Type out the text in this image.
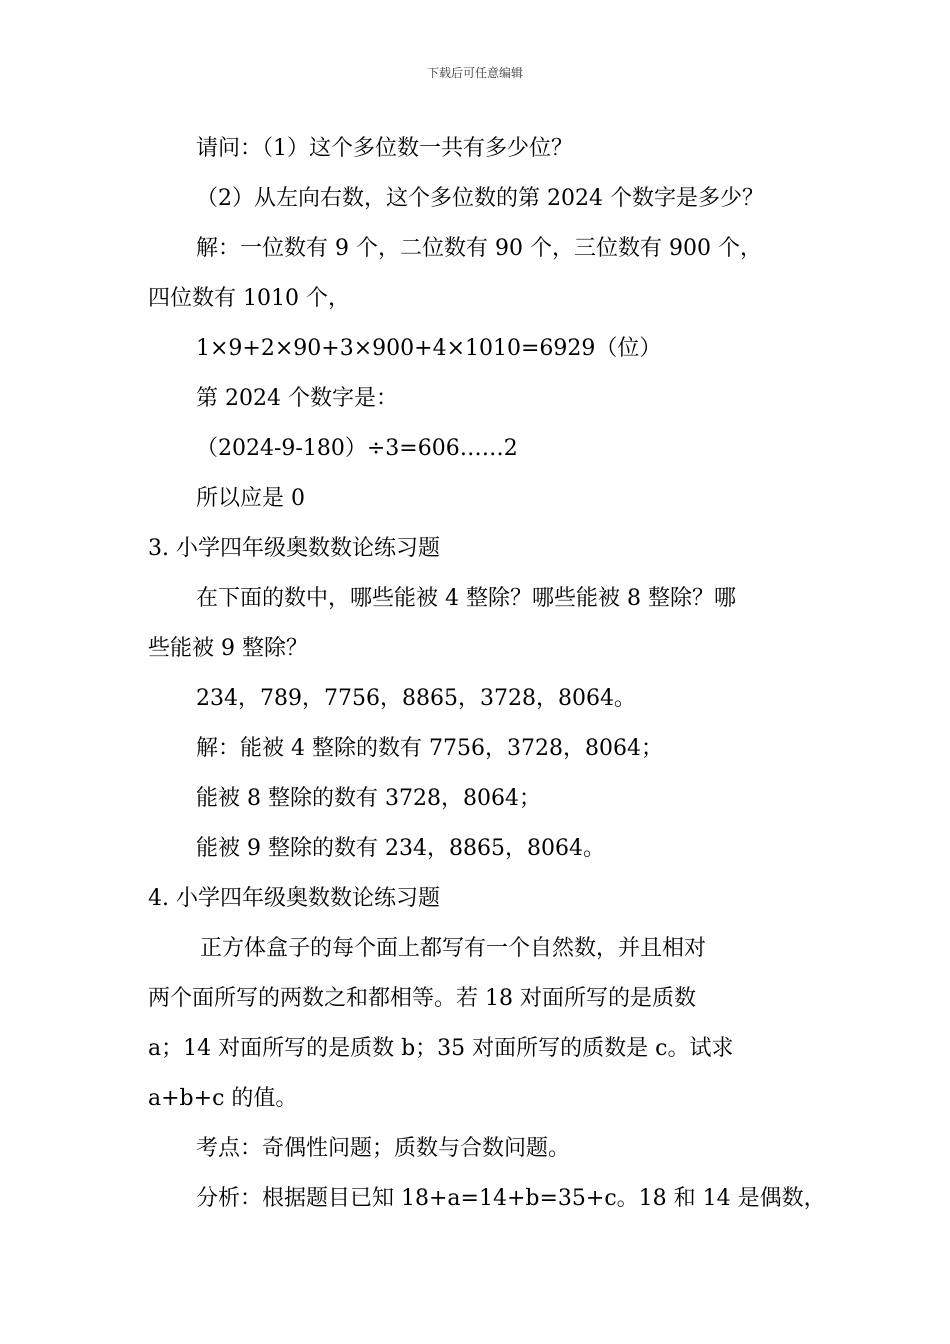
下载后可任意编辑
请问：（1）这个多位数一共有多少位？
（2）从左向右数，这个多位数的第 2024 个数字是多少？
解：一位数有 9 个，二位数有 90 个，三位数有 900 个，
四位数有 1010 个，
1×9+2×90+3×900+4×1010=6929（位）
第 2024 个数字是：
（2024-9-180）÷3=606……2
所以应是 0
3. 小学四年级奥数数论练习题
在下面的数中，哪些能被 4 整除？哪些能被 8 整除？哪
些能被 9 整除？
234，789，7756，8865，3728，8064。
解：能被 4 整除的数有 7756，3728，8064；
能被 8 整除的数有 3728，8064；
能被 9 整除的数有 234，8865，8064。
4. 小学四年级奥数数论练习题
正方体盒子的每个面上都写有一个自然数，并且相对
两个面所写的两数之和都相等。若 18 对面所写的是质数
a；14 对面所写的是质数 b；35 对面所写的质数是 c。试求
a+b+c 的值。
考点：奇偶性问题；质数与合数问题。
分析：根据题目已知 18+a=14+b=35+c。18 和 14 是偶数，
